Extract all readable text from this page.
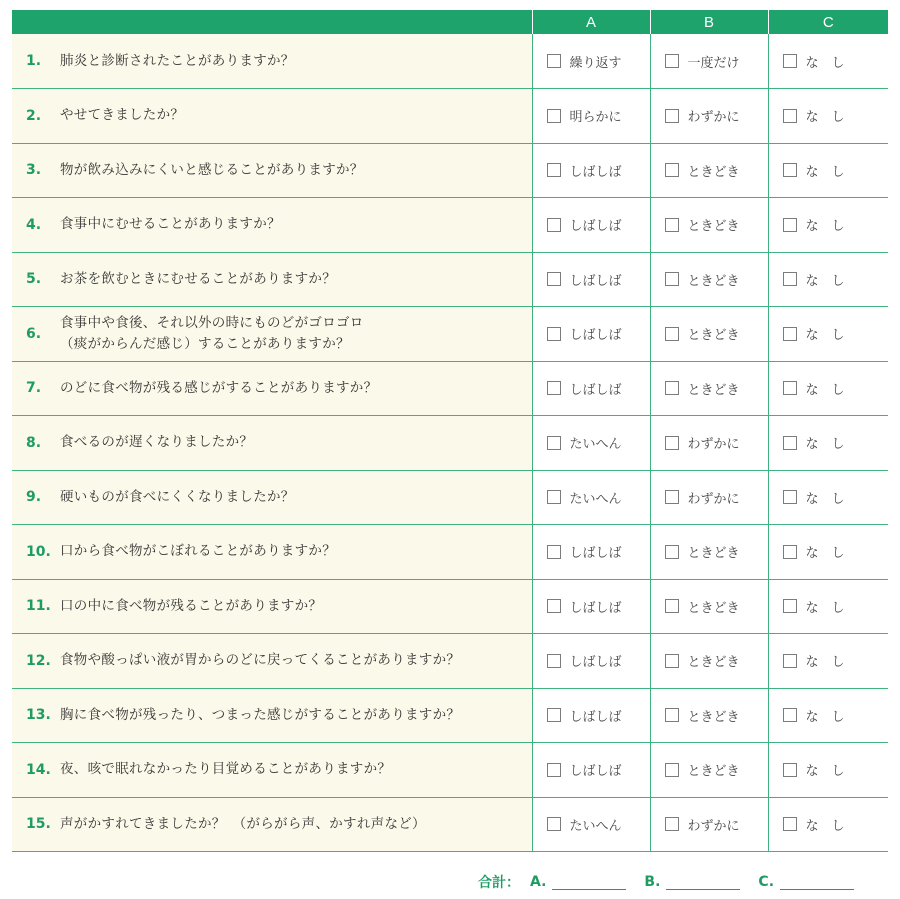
	A	B	C

1. 肺炎と診断されたことがありますか？	繰り返す	一度だけ	な　し

2. やせてきましたか？	明らかに	わずかに	な　し

3. 物が飲み込みにくいと感じることがありますか？	しばしば	ときどき	な　し

4. 食事中にむせることがありますか？	しばしば	ときどき	な　し

5. お茶を飲むときにむせることがありますか？	しばしば	ときどき	な　し

6.
食事中や食後、それ以外の時にものどがゴロゴロ
（痰がからんだ感じ）することがありますか？	しばしば	ときどき	な　し

7. のどに食べ物が残る感じがすることがありますか？	しばしば	ときどき	な　し

8. 食べるのが遅くなりましたか？	たいへん	わずかに	な　し

9. 硬いものが食べにくくなりましたか？	たいへん	わずかに	な　し

10. 口から食べ物がこぼれることがありますか？	しばしば	ときどき	な　し

11. 口の中に食べ物が残ることがありますか？	しばしば	ときどき	な　し

12. 食物や酸っぱい液が胃からのどに戻ってくることがありますか？	しばしば	ときどき	な　し

13. 胸に食べ物が残ったり、つまった感じがすることがありますか？	しばしば	ときどき	な　し

14. 夜、咳で眠れなかったり目覚めることがありますか？	しばしば	ときどき	な　し

15. 声がかすれてきましたか？　（がらがら声、かすれ声など）	たいへん	わずかに	な　し
合計： A.	B.	C.
